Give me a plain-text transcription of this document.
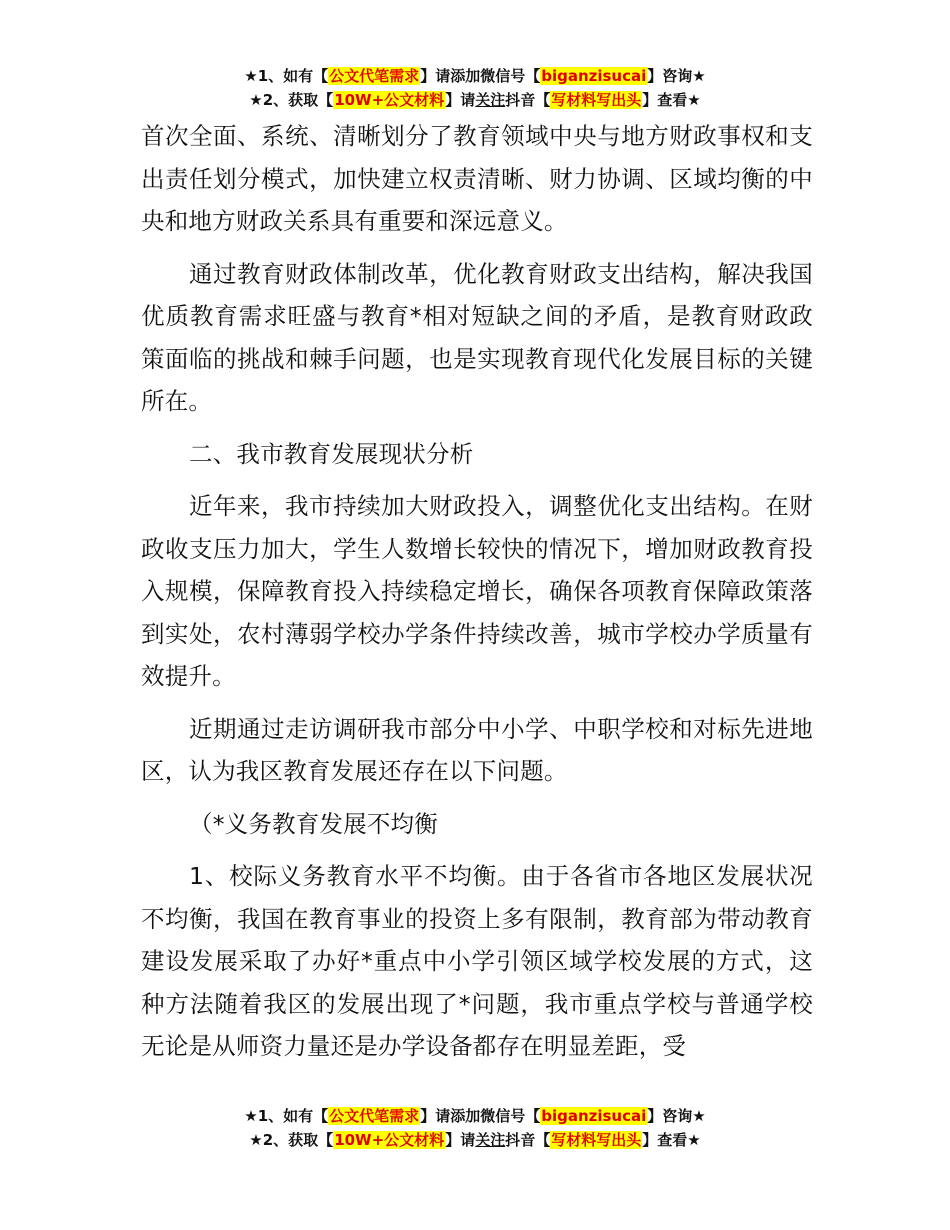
★1、如有【公文代笔需求】请添加微信号【biganzisucai】咨询★
★2、获取【10W+公文材料】请关注抖音【写材料写出头】查看★

首次全面、系统、清晰划分了教育领域中央与地方财政事权和支出责任划分模式，加快建立权责清晰、财力协调、区域均衡的中央和地方财政关系具有重要和深远意义。

通过教育财政体制改革，优化教育财政支出结构，解决我国优质教育需求旺盛与教育*相对短缺之间的矛盾，是教育财政政策面临的挑战和棘手问题，也是实现教育现代化发展目标的关键所在。

二、我市教育发展现状分析

近年来，我市持续加大财政投入，调整优化支出结构。在财政收支压力加大，学生人数增长较快的情况下，增加财政教育投入规模，保障教育投入持续稳定增长，确保各项教育保障政策落到实处，农村薄弱学校办学条件持续改善，城市学校办学质量有效提升。

近期通过走访调研我市部分中小学、中职学校和对标先进地区，认为我区教育发展还存在以下问题。

（*义务教育发展不均衡

1、校际义务教育水平不均衡。由于各省市各地区发展状况不均衡，我国在教育事业的投资上多有限制，教育部为带动教育建设发展采取了办好*重点中小学引领区域学校发展的方式，这种方法随着我区的发展出现了*问题，我市重点学校与普通学校无论是从师资力量还是办学设备都存在明显差距，受

★1、如有【公文代笔需求】请添加微信号【biganzisucai】咨询★
★2、获取【10W+公文材料】请关注抖音【写材料写出头】查看★
